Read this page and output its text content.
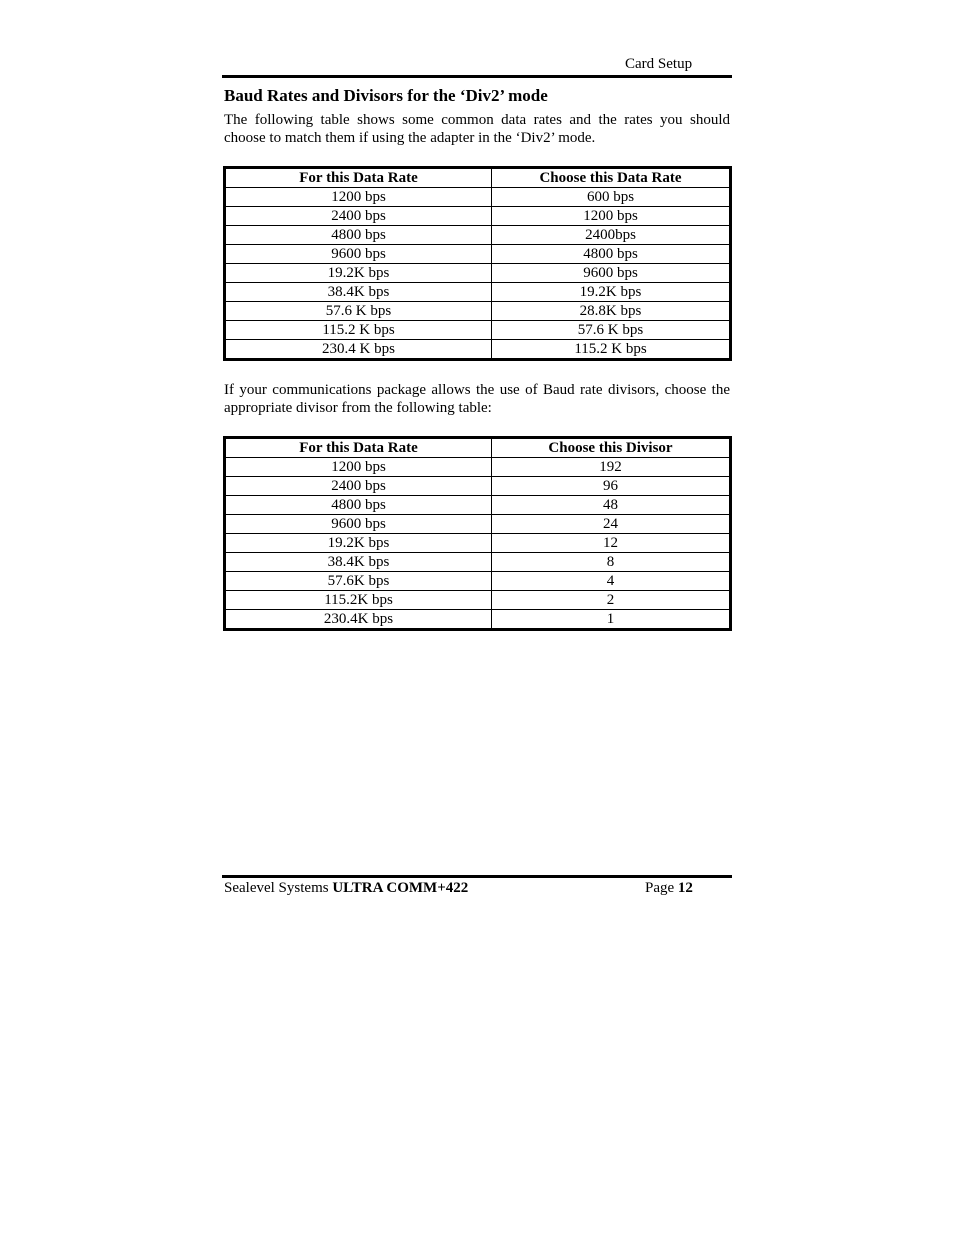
Card Setup
Baud Rates and Divisors for the ‘Div2’ mode
The following table shows some common data rates and the rates you should choose to match them if using the adapter in the ‘Div2’ mode.
For this Data Rate	Choose this Data Rate
1200 bps	600 bps
2400 bps	1200 bps
4800 bps	2400bps
9600 bps	4800 bps
19.2K bps	9600 bps
38.4K bps	19.2K bps
57.6 K bps	28.8K bps
115.2 K bps	57.6 K bps
230.4 K bps	115.2 K bps
If your communications package allows the use of Baud rate divisors, choose the appropriate divisor from the following table:
For this Data Rate	Choose this Divisor
1200 bps	192
2400 bps	96
4800 bps	48
9600 bps	24
19.2K bps	12
38.4K bps	8
57.6K bps	4
115.2K bps	2
230.4K bps	1
Sealevel Systems ULTRA COMM+422	Page 12
